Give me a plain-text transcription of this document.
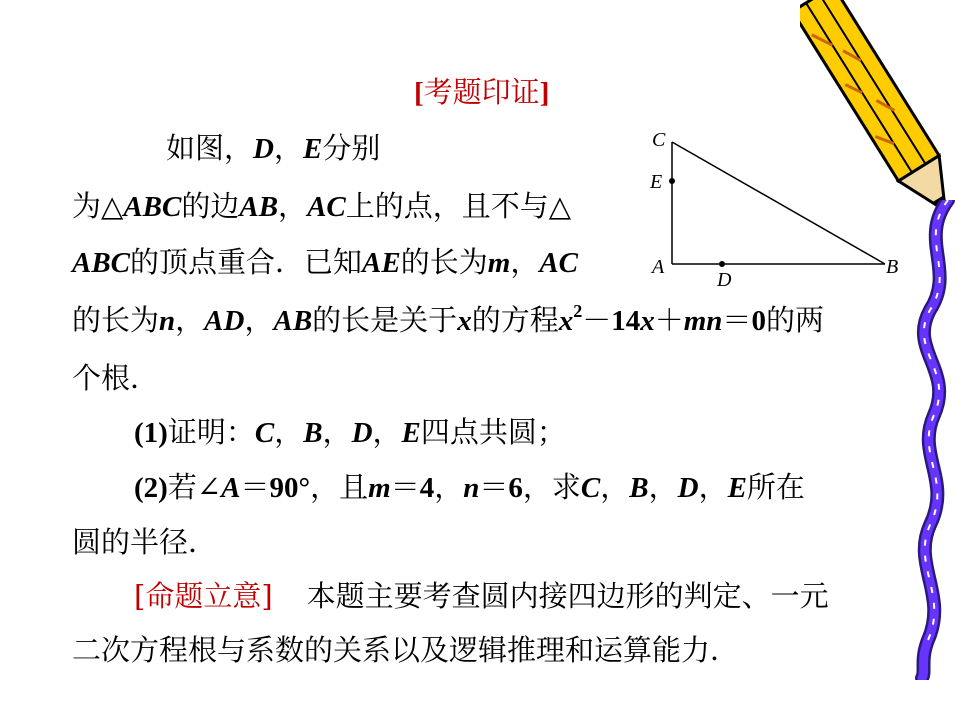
[考题印证]
如图，D，E分别
为△ABC的边AB，AC上的点，且不与△
ABC的顶点重合．已知AE的长为m，AC
的长为n，AD，AB的长是关于x的方程$x^2-14x+mn=0$的两
个根．
(1)证明：C，B，D，E四点共圆；
(2)若∠A＝90°，且m＝4，n＝6，求C，B，D，E所在
圆的半径．
[命题立意] 本题主要考查圆内接四边形的判定、一元
二次方程根与系数的关系以及逻辑推理和运算能力．
C
E
A
D
B
